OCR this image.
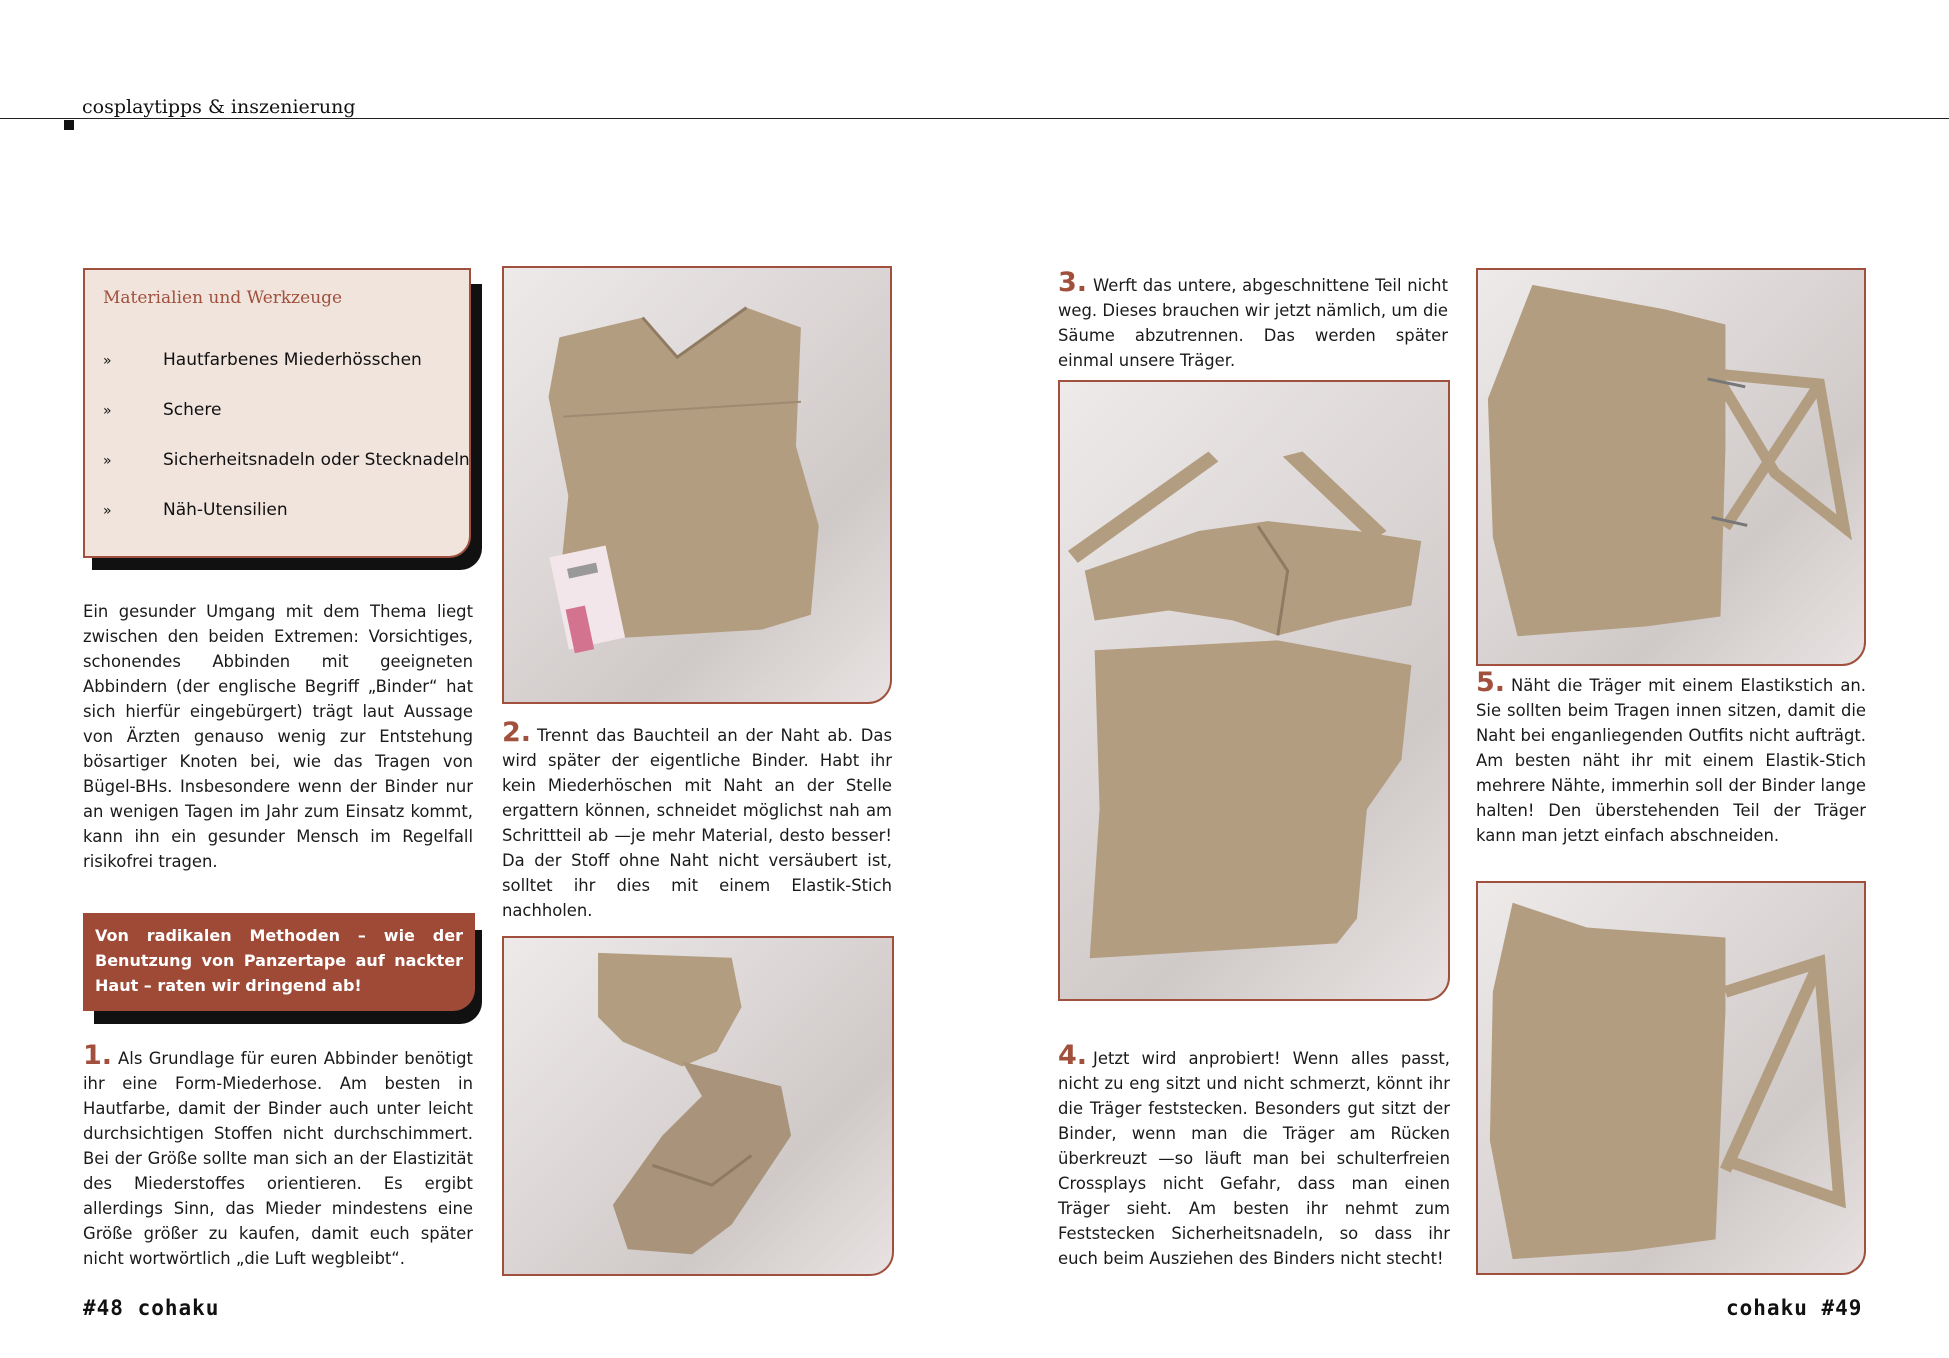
cosplaytipps & inszenierung
Materialien und Werkzeuge
»	Hautfarbenes Miederhösschen
»	Schere
»	Sicherheitsnadeln oder Stecknadeln
»	Näh-Utensilien
Ein gesunder Umgang mit dem Thema liegt zwischen den beiden Extremen: Vorsichtiges, schonendes Abbinden mit geeigneten Abbindern (der englische Begriff „Binder“ hat sich hierfür eingebürgert) trägt laut Aussage von Ärzten genauso wenig zur Entstehung bösartiger Knoten bei, wie das Tragen von Bügel-BHs. Insbesondere wenn der Binder nur an wenigen Tagen im Jahr zum Einsatz kommt, kann ihn ein gesunder Mensch im Regelfall risikofrei tragen.
Von radikalen Methoden – wie der Benutzung von Panzertape auf nackter Haut – raten wir dringend ab!
1. Als Grundlage für euren Abbinder benötigt ihr eine Form-Miederhose. Am besten in Hautfarbe, damit der Binder auch unter leicht durchsichtigen Stoffen nicht durchschimmert. Bei der Größe sollte man sich an der Elastizität des Miederstoffes orientieren. Es ergibt allerdings Sinn, das Mieder mindestens eine Größe größer zu kaufen, damit euch später nicht wortwörtlich „die Luft wegbleibt“.
2. Trennt das Bauchteil an der Naht ab. Das wird später der eigentliche Binder. Habt ihr kein Miederhöschen mit Naht an der Stelle ergattern können, schneidet möglichst nah am Schrittteil ab —je mehr Material, desto besser! Da der Stoff ohne Naht nicht versäubert ist, solltet ihr dies mit einem Elastik-Stich nachholen.
3. Werft das untere, abgeschnittene Teil nicht weg. Dieses brauchen wir jetzt nämlich, um die Säume abzutrennen. Das werden später einmal unsere Träger.
4. Jetzt wird anprobiert! Wenn alles passt, nicht zu eng sitzt und nicht schmerzt, könnt ihr die Träger feststecken. Besonders gut sitzt der Binder, wenn man die Träger am Rücken überkreuzt —so läuft man bei schulterfreien Crossplays nicht Gefahr, dass man einen Träger sieht. Am besten ihr nehmt zum Feststecken Sicherheitsnadeln, so dass ihr euch beim Ausziehen des Binders nicht stecht!
5. Näht die Träger mit einem Elastikstich an. Sie sollten beim Tragen innen sitzen, damit die Naht bei enganliegenden Outfits nicht aufträgt. Am besten näht ihr mit einem Elastik-Stich mehrere Nähte, immerhin soll der Binder lange halten! Den überstehenden Teil der Träger kann man jetzt einfach abschneiden.
#48 cohaku	cohaku #49
